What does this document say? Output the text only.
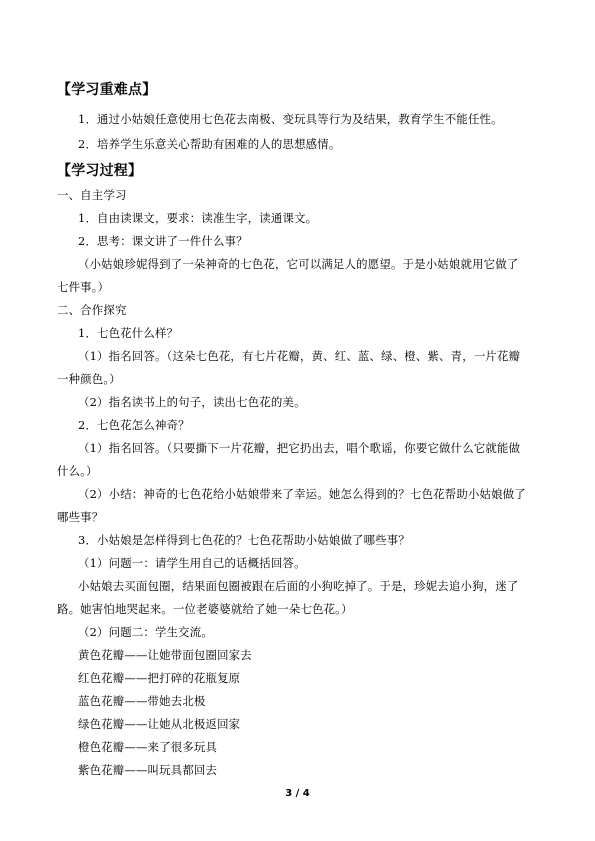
【学习重难点】
1．通过小姑娘任意使用七色花去南极、变玩具等行为及结果，教育学生不能任性。
2．培养学生乐意关心帮助有困难的人的思想感情。
【学习过程】
一、自主学习
1．自由读课文，要求：读准生字，读通课文。
2．思考：课文讲了一件什么事？
（小姑娘珍妮得到了一朵神奇的七色花，它可以满足人的愿望。于是小姑娘就用它做了
七件事。）
二、合作探究
1．七色花什么样？
（1）指名回答。（这朵七色花，有七片花瓣，黄、红、蓝、绿、橙、紫、青，一片花瓣
一种颜色。）
（2）指名读书上的句子，读出七色花的美。
2．七色花怎么神奇？
（1）指名回答。（只要撕下一片花瓣，把它扔出去，唱个歌谣，你要它做什么它就能做
什么。）
（2）小结：神奇的七色花给小姑娘带来了幸运。她怎么得到的？七色花帮助小姑娘做了
哪些事？
3．小姑娘是怎样得到七色花的？七色花帮助小姑娘做了哪些事？
（1）问题一：请学生用自己的话概括回答。
小姑娘去买面包圈，结果面包圈被跟在后面的小狗吃掉了。于是，珍妮去追小狗，迷了
路。她害怕地哭起来。一位老婆婆就给了她一朵七色花。）
（2）问题二：学生交流。
黄色花瓣——让她带面包圈回家去
红色花瓣——把打碎的花瓶复原
蓝色花瓣——带她去北极
绿色花瓣——让她从北极返回家
橙色花瓣——来了很多玩具
紫色花瓣——叫玩具都回去
3 / 4
